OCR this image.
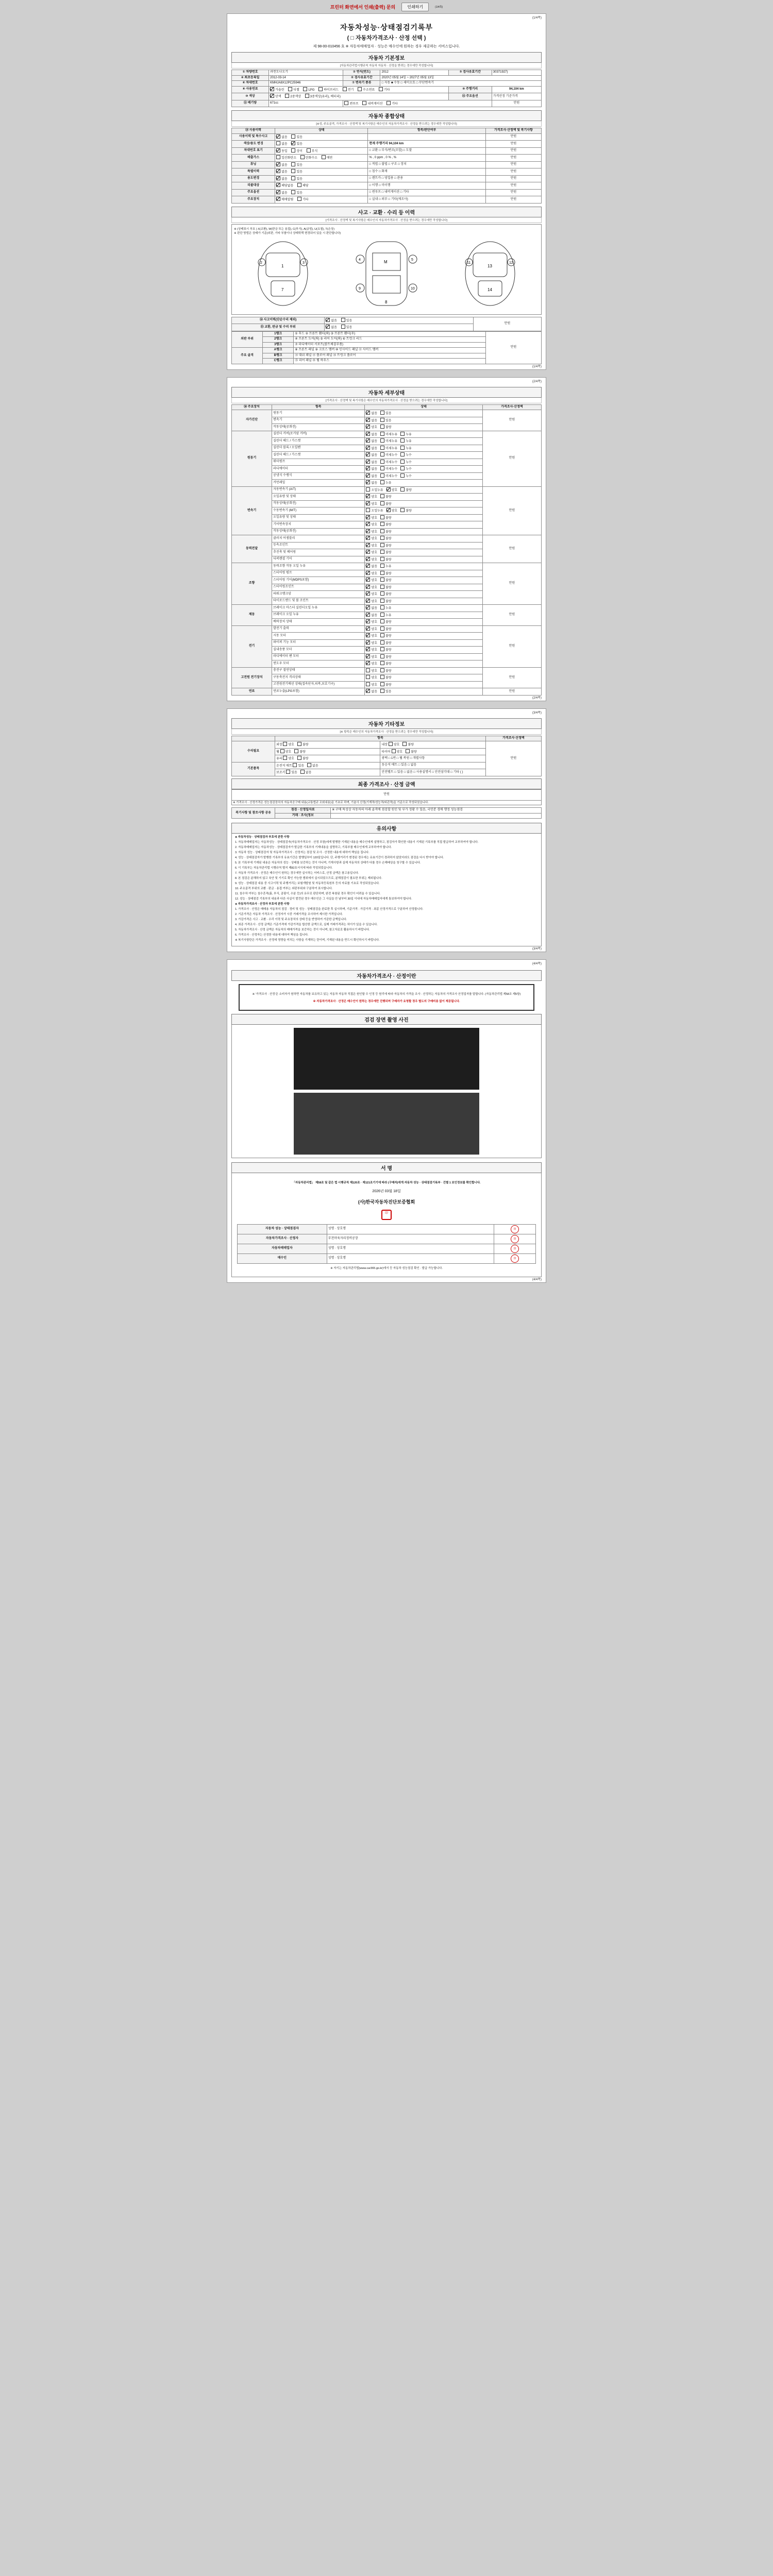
프린터 화면에서 인쇄(출력) 문의	인쇄하기	(1/4쪽)
(1/4쪽)
자동차성능·상태점검기록부
( □ 자동차가격조사 · 산정 선택 )
제 98-00-010456 호 ※ 자동차매매업자 · 성능은 매수인에 원하는 경우 제공하는 서비스입니다.
자동차 기본정보
[자동차관리법시행규칙 자동차 자동차 · 산정을 받려는 경우에만 작성합니다]
① 차량번호	과천도나오기	② 연식(연도)	2012	③ 검사유효기간	30371927)
④ 최초등록일	2012-03-14	⑤ 검사유효기간	2020년 05월 14일 ~ 2027년 05월 13일		
⑥ 차대번호	KMHJA8X12PC25946	⑦ 변속기 종류	□ 자동 ■ 수동 □ 세미오토 □ 무단변속기		
⑧ 사용연료	가솔린 디젤 LPG 하이브리드 전기 수소연료 기타			⑨ 주행거리	94,104 km
⑩ 색상	단색 2중색상 3중색상(유리), 배터리)			⑫ 주요옵션	가격산정 기준가격
⑪ 배기량	671cc	썬루프 내비게이션 기타			만원
자동차 종합상태
[※성, 주요골격, 가격조사 · 산정액 및 복기사항은 매수인의 자동차가격조사 · 산정을 받으려는 경우에만 작성합니다]
⑬ 사용이력	상태	항목/판단여부	가격조사·산정액 및 복기사항
사용이력 및 특수사고	없음 있음		만원
색상/용도 변경	없음 있음	현재 주행거리 94,104 km	만원
차대번호 표기	동일 상이 부식	□ 교환 □ 부식/변조(조합) □ 도말	만원
배출가스	일산화탄소 탄화수소 매연	% , 0 ppm , 0 % , %	만원
튜닝	없음 있음	□ 적법 □ 불법 □ 구조 □ 장치	만원
특별이력	없음 있음	□ 침수 □ 화재	만원
용도변경	없음 있음	□ 렌트카 □ 영업용 □ 관용	만원
리콜대상	해당없음 해당	□ 이행 □ 미이행	만원
주요옵션	없음 있음	□ 썬루프 □ 내비게이션 □ 기타	만원
주요장치	매매알림 기타	□ 실내 □ 외부 □ 기타(제조사)	만원
사고 · 교환 · 수리 등 이력
[가격조사 · 산정액 및 복기사항은 매수인의 자동차가격조사 · 산정을 받으려는 경우에만 작성합니다]
※ (상태표시 부호 ) X(교환), W(판금 또는 용접), C(부식), A(긁힘), U(요철), T(손상)
※ 판단 방법은 상태가 기준(외판, 기타 부품이나 상태학택 변경되어 있을 시 판단합니다)
2	3
1
7
4	5
9	10
M
8
11	12
13
14
⑭ 사고이력(단순수리 제외)	없음 있음	만원
⑮ 교환, 판금 및 수리 부위	없음 있음	
외판 부위	1랭크	① 후드 ② 프론트 휀더(좌) ③ 프론트 휀더(우)	만원
	2랭크	④ 프론트 도어(좌) ⑤ 리어 도어(좌) ⑥ 트렁크 리드	
	3랭크	⑦ 라디에이터 서포트(볼트체결부품)	
주요 골격	A랭크	⑧ 프론트 패널 ⑨ 크로스 멤버 ⑩ 인사이드 패널 ⑪ 사이드 멤버	
	B랭크	⑫ 대쉬 패널 ⑬ 플로어 패널 ⑭ 트렁크 플로어	
	C랭크	⑮ 리어 패널 ⑯ 휠 하우스	
(1/4쪽)
(2/4쪽)
자동차 세부상태
[가격조사 · 산정액 및 복기사항은 매수인의 자동차가격조사 · 산정을 받으려는 경우에만 작성합니다]
⑯ 주요장치	항목	상태	가격조사·산정액
자가진단	원동기	없음 있음	만원
	변속기	없음 있음	
	작동상태(공회전)	양호 불량	
원동기	실린더 커버(로커암 커버)	없음 미세누유 누유	만원
	실린더 헤드 / 가스켓	없음 미세누유 누유	
	실린더 블록 / 오일팬	없음 미세누유 누유	
	실린더 헤드 / 가스켓	없음 미세누수 누수	
	워터펌프	없음 미세누수 누수	
	라디에이터	없음 미세누수 누수	
	공냉식 수랭식	없음 미세누수 누수	
	커먼레일	없음 누유	
변속기	자동변속기 (A/T)	오일누유 양호 불량	만원
	오일유량 및 상태	양호 불량	
	작동상태(공회전)	양호 불량	
	수동변속기 (M/T)	오일누유 양호 불량	
	오일유량 및 상태	양호 불량	
	기어변속장치	양호 불량	
	작동상태(공회전)	양호 불량	
동력전달	클러치 어셈블리	양호 불량	만원
	등속조인트	양호 불량	
	추진축 및 베어링	양호 불량	
	디퍼렌셜 기어	양호 불량	
조향	동력조향 작동 오일 누유	없음 누유	만원
	스티어링 펌프	양호 불량	
	스티어링 기어(MDPS포함)	양호 불량	
	스티어링조인트	양호 불량	
	파워크랭크암	양호 불량	
	타이로드엔드 및 볼 조인트	양호 불량	
제동	브레이크 마스터 실린더오일 누유	없음 누유	만원
	브레이크 오일 누유	없음 누유	
	배력장치 상태	양호 불량	
전기	발전기 출력	양호 불량	만원
	시동 모터	양호 불량	
	와이퍼 기능 모터	양호 불량	
	실내송풍 모터	양호 불량	
	라디에이터 팬 모터	양호 불량	
	윈도우 모터	양호 불량	
고전원 전기장치	충전구 절연상태	양호 불량	만원
	구동축전지 격리상태	양호 불량	
	고전원전기배선 상태(접속단자,피복,보호기구)	양호 불량	
연료	연료누출(LPG포함)	없음 있음	만원
(2/4쪽)
(3/4쪽)
자동차 기타정보
[※ 항목은 매수인의 자동차가격조사 · 산정을 받으려는 경우에만 작성합니다]
	항목		가격조사·산정액
수리필요	외장 양호 불량	내장 양호 불량	만원
	휠 양호 불량	타이어 양호 불량	
	유리 양호 불량	광택 □ 1번 □ 휠 복원 □ 개별사항	
기본품목	운전석 매트 있음 없음	동승석 매트 □ 있음 □ 없음	
	보조키 있음 없음	안전벨트 □ 있음 □ 없음 □ 사용설명서 □ 안전삼각대 □ 기타 ( )	
최종 가격조사 · 산정 금액
만원
※ 가격조사 · 산정가격은 성능점검장치의 자동차공구매 내용(교통법규 조회내용)을 기초로 하며, 기술사 산정(기계적/성능적/외관적)을 기준으로 작성되었습니다.
복기사항 및 참조사항 공유	점검 · 산정일자료	※ 구매 특성상 자동차의 아래 골격에 점검할 원인 및 부가 정황 수 있음, 국민분 경매 행정 성능점검
	거래 · 조사(정보	
유의사항

◈ 자동차성능 · 상태점검자 부호에 관한 사항

1. 자동차매매업자는 자동차성능 · 상태점검자(자동차가격조사 · 산정 포함)에게 발행한 기재된 내용을 매수인에게 설명하고, 점검자가 확인한 내용이 기재된 기록부를 직접 발급하여 교부하여야 합니다.

2. 자동차매매업자는 자동차성능 · 상태점검자가 발급한 기록부의 기재내용을 설명하고, 기록부를 매수인에게 교부하여야 합니다.

3. 자동차 성능 · 상태점검자 및 자동차가격조사 · 산정자는 점검 및 조사 · 산정한 내용에 대하여 책임을 집니다.

4. 성능 · 상태점검자가 발행한 기록부의 유효기간은 발행일부터 120일입니다. 단, 주행거리가 변경된 경우에는 유효기간이 경과하지 않았더라도 점검을 다시 받아야 합니다.

5. 본 기록부에 기재된 내용은 자동차의 성능 · 상태를 보증하는 것이 아니며, 기재사항과 실제 자동차의 상태가 다를 경우 손해배상을 청구할 수 있습니다.

6. 이 기록부는 자동차관리법 시행규칙 별지 제82호서식에 따라 작성되었습니다.

7. 자동차 가격조사 · 산정은 매수인이 원하는 경우에만 실시하는 서비스로, 산정 금액은 참고용입니다.

8. 본 점검은 분해하지 않고 육안 및 기기로 확인 가능한 범위에서 실시되었으므로, 분해점검이 필요한 부위는 제외됩니다.

9. 성능 · 상태점검 내용 중 사고이력 및 주행거리는 보험개발원 및 자동차등록원부 등의 자료를 기초로 작성되었습니다.

10. 주요골격 부위의 교환 · 판금 · 용접 여부는 외판부위와 구분하여 표시합니다.

11. 침수차 여부는 침수흔적(흙, 부식, 곰팡이, 수분 등)의 유무로 판단하며, 완전 복원된 경우 확인이 어려울 수 있습니다.

12. 성능 · 상태점검 기록부의 내용과 다른 사실이 발견된 경우 매수인은 그 사실을 안 날부터 30일 이내에 자동차매매업자에게 통보하여야 합니다.

◈ 자동차가격조사 · 산정자 부호에 관한 사항

1. 가격조사 · 산정은 매매용 자동차의 점검 · 정비 및 성능 · 상태점검을 완료한 후 실시하며, 기준가격 · 가감가격 · 최종 산정가격으로 구분하여 산정합니다.

2. 기준가격은 자동차 가격조사 · 산정자가 시중 거래가격을 조사하여 제시한 가격입니다.

3. 가감가격은 사고 · 교환 · 수리 이력 및 주요장치의 상태 등을 반영하여 가감한 금액입니다.

4. 최종 가격조사 · 산정 금액은 기준가격에 가감가격을 합산한 금액으로, 실제 거래가격과는 차이가 있을 수 있습니다.

5. 자동차가격조사 · 산정 금액은 자동차의 매매가격을 보증하는 것이 아니며, 참고자료로 활용하시기 바랍니다.

6. 가격조사 · 산정자는 산정한 내용에 대하여 책임을 집니다.

※ 복기사항란은 가격조사 · 산정에 영향을 미치는 사항을 기재하는 란이며, 기재된 내용을 반드시 확인하시기 바랍니다.

(3/4쪽)
(4/4쪽)
자동차가격조사 · 산정이란

※ '가격조사 · 산정'은 소비자가 원하면 자동차를 보유하고 있는 자동차 자동차 직접은 원인할 수 인정 등 원리에 따라 자동차의 가격을 조사 · 산정하는 자동차의 가격조사 산정업자를 말합니다. (자동차관리법 제58조 제5항)

※ 자동차가격조사 · 산정은 매수인이 원하는 경우에만 진행되며 구매자가 요청할 경우 별도의 구매비용 없이 제공됩니다.

검검 장면 촬영 사진
서 명

「자동차관리법」 제58조 및 같은 법 시행규칙 제120조 · 제121조기기에 따라 (구매자)에게 자동차 성능 · 상태점검기록부 · 건별 1 보인정보를 확인합니다.

2026년 03월 18일

(사)한국자동차진단보증협회

印
자동차 성능 · 상태점검자	성명 · 상호명	印
자동차가격조사 · 산정자	부천마육자리정비공장	印
자동차매매업자	성명 · 상호명	印
매수인	성명 · 상호명	印

※ 자기는 자동차관리법(www.car365.go.kr)에서 등 자동차 성능점검 확인 · 발급 가능합니다.

(4/4쪽)
